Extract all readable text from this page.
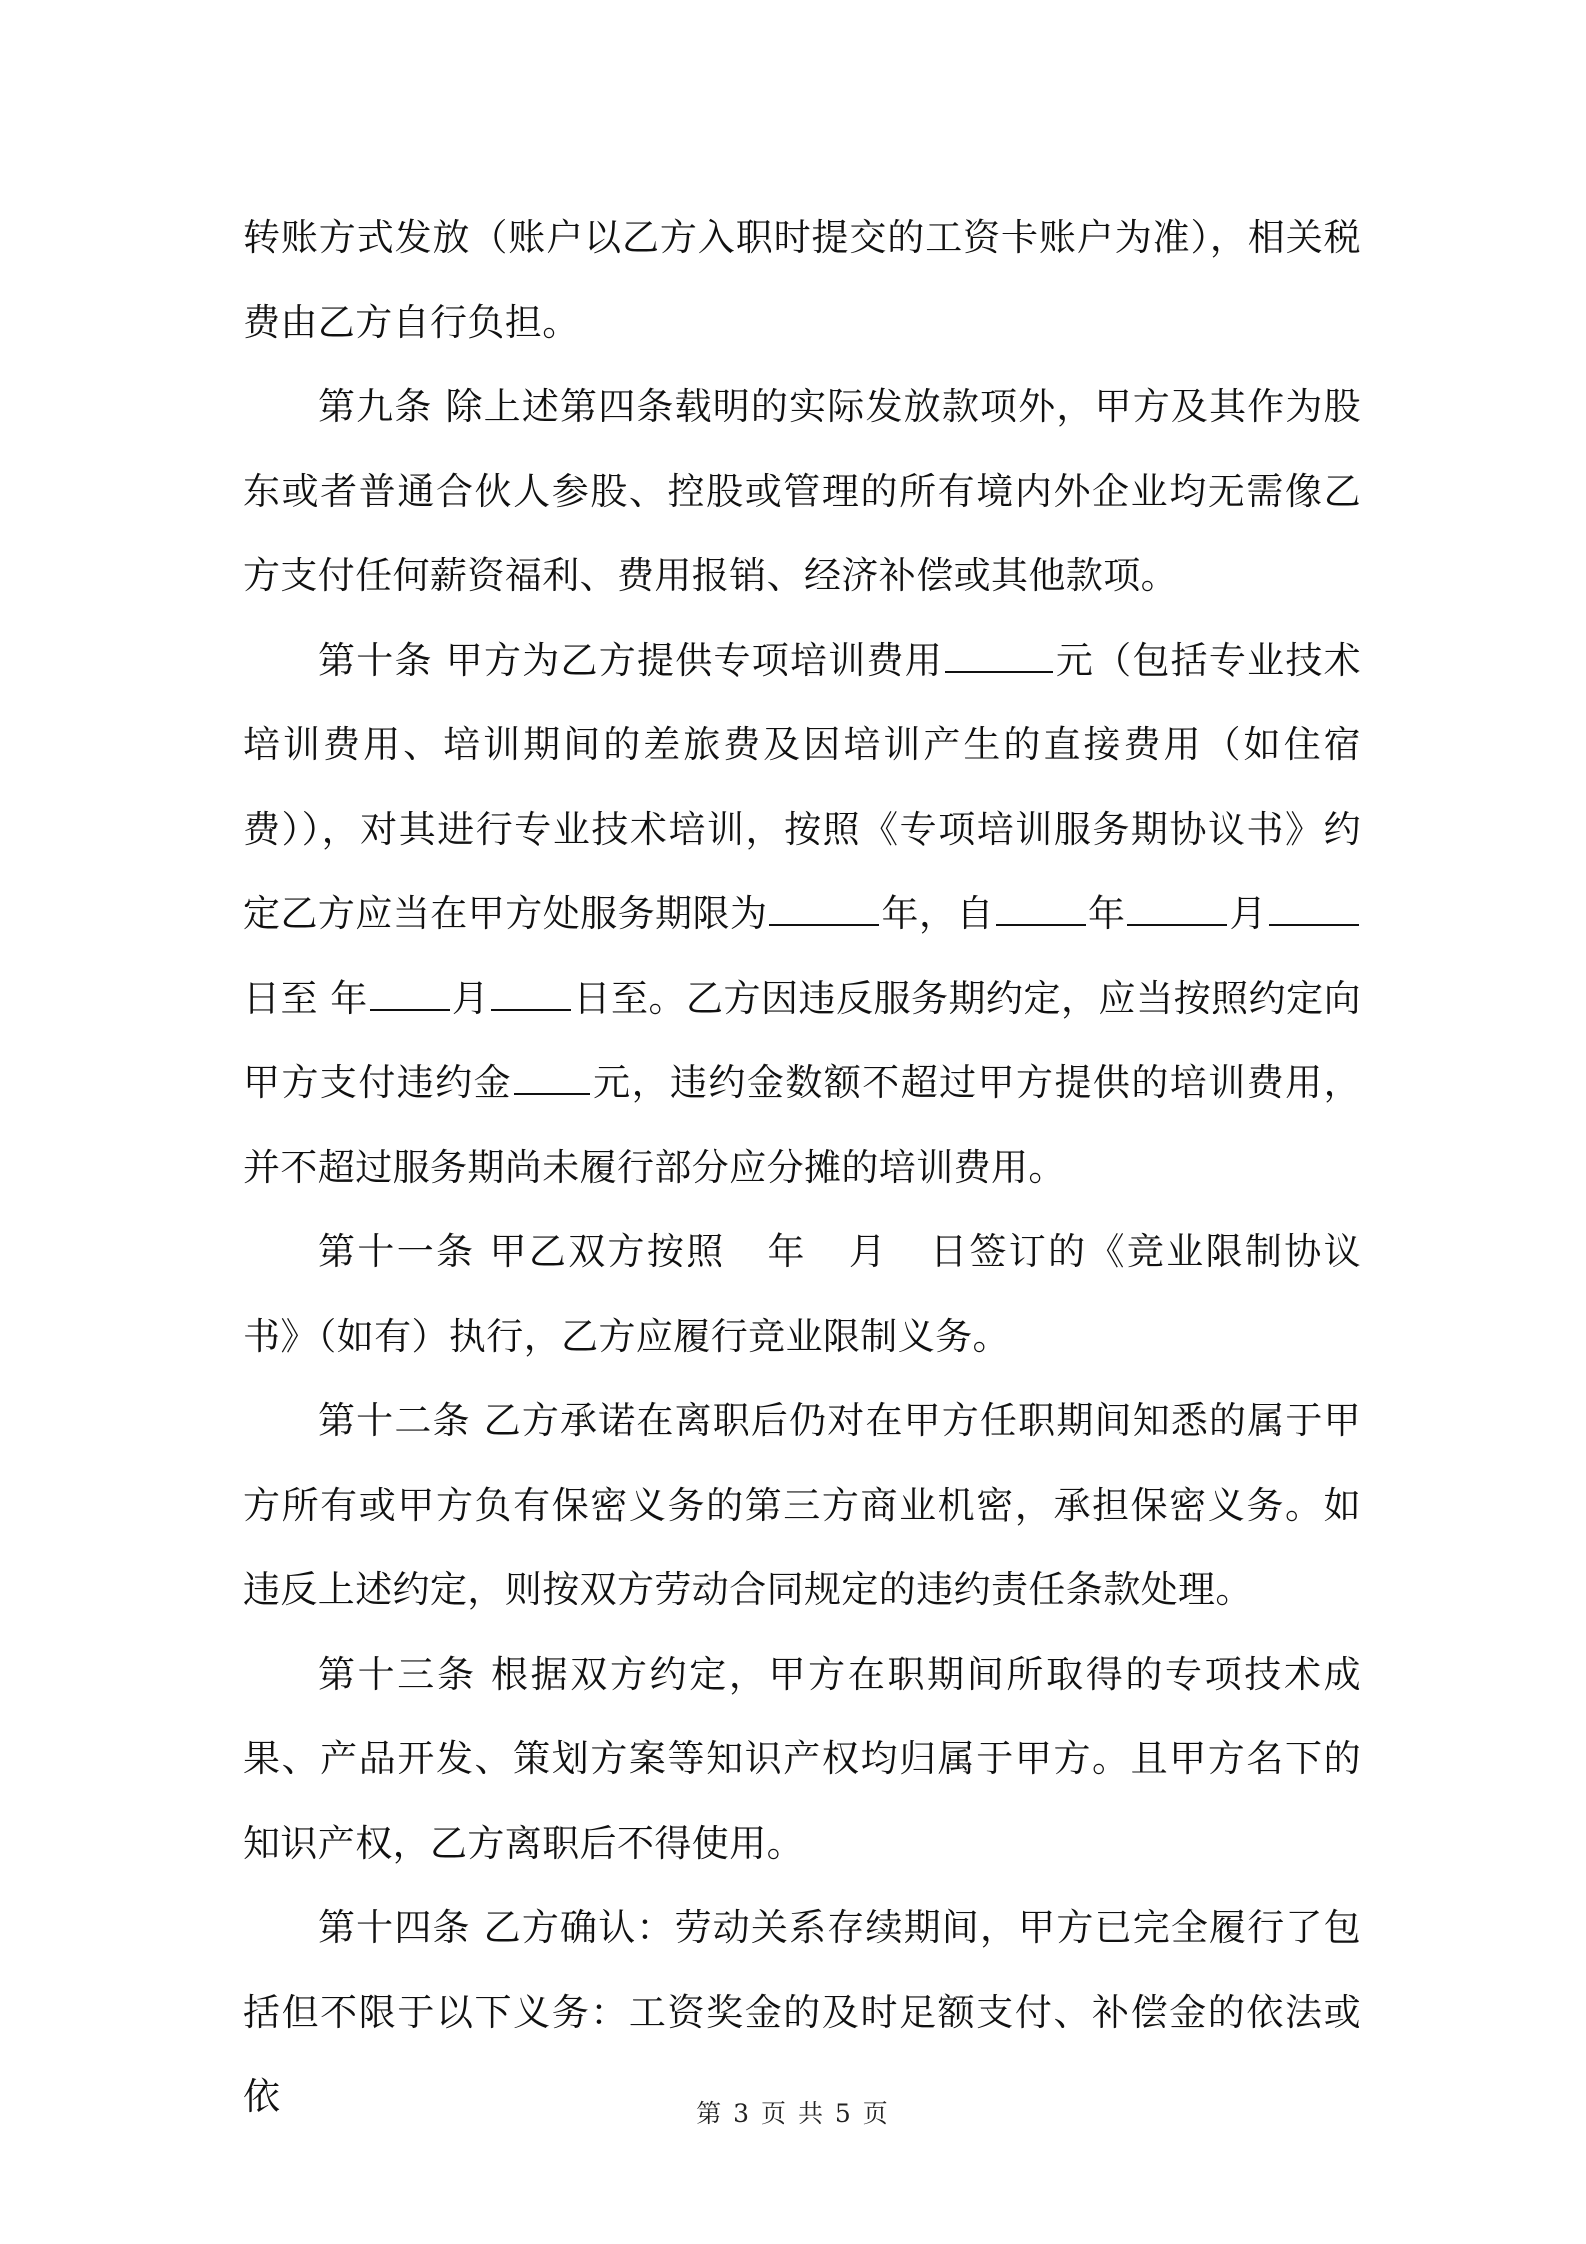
转账方式发放（账户以乙方入职时提交的工资卡账户为准），相关税费由乙方自行负担。

第九条 除上述第四条载明的实际发放款项外，甲方及其作为股东或者普通合伙人参股、控股或管理的所有境内外企业均无需像乙方支付任何薪资福利、费用报销、经济补偿或其他款项。

第十条 甲方为乙方提供专项培训费用	元（包括专业技术培训费用、培训期间的差旅费及因培训产生的直接费用（如住宿费）），对其进行专业技术培训，按照《专项培训服务期协议书》约定乙方应当在甲方处服务期限为	年，自	年	月日至 年 月 日至。乙方因违反服务期约定，应当按照约定向甲方支付违约金 元，违约金数额不超过甲方提供的培训费用，并不超过服务期尚未履行部分应分摊的培训费用。

第十一条 甲乙双方按照 年 月 日签订的《竞业限制协议书》（如有）执行，乙方应履行竞业限制义务。

第十二条 乙方承诺在离职后仍对在甲方任职期间知悉的属于甲方所有或甲方负有保密义务的第三方商业机密，承担保密义务。如违反上述约定，则按双方劳动合同规定的违约责任条款处理。

第十三条 根据双方约定，甲方在职期间所取得的专项技术成果、产品开发、策划方案等知识产权均归属于甲方。且甲方名下的知识产权，乙方离职后不得使用。

第十四条 乙方确认：劳动关系存续期间，甲方已完全履行了包括但不限于以下义务：工资奖金的及时足额支付、补偿金的依法或依	第 3 页 共 5 页
